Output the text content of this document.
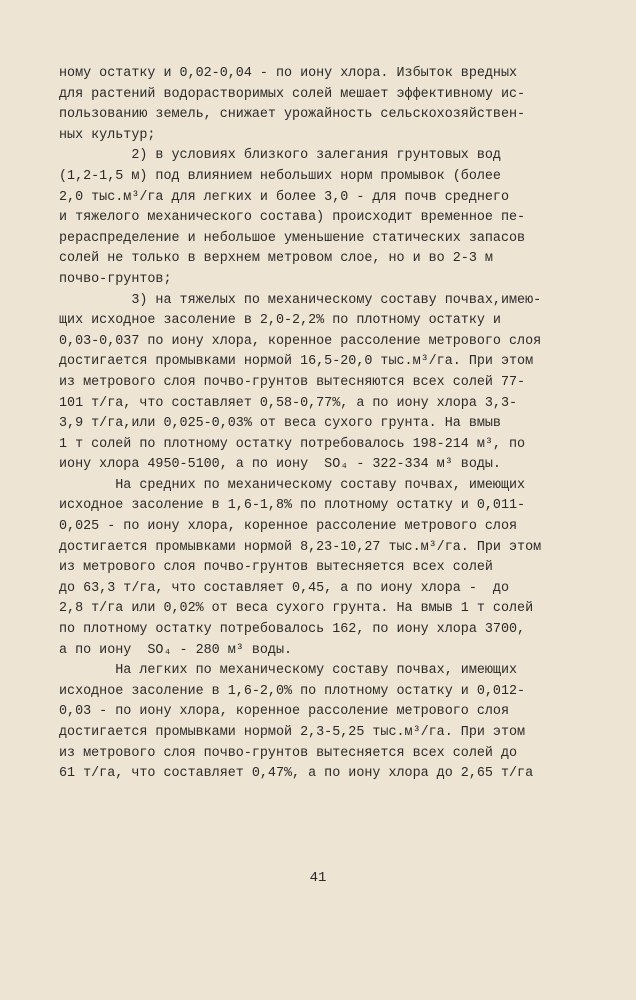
ному остатку и 0,02-0,04 - по иону хлора. Избыток вредных
для растений водорастворимых солей мешает эффективному ис-
пользованию земель, снижает урожайность сельскохозяйствен-
ных культур;
2) в условиях близкого залегания грунтовых вод
(1,2-1,5 м) под влиянием небольших норм промывок (более
2,0 тыс.м³/га для легких и более 3,0 - для почв среднего
и тяжелого механического состава) происходит временное пе-
рераспределение и небольшое уменьшение статических запасов
солей не только в верхнем метровом слое, но и во 2-3 м
почво-грунтов;
3) на тяжелых по механическому составу почвах,имею-
щих исходное засоление в 2,0-2,2% по плотному остатку и
0,03-0,037 по иону хлора, коренное рассоление метрового слоя
достигается промывками нормой 16,5-20,0 тыс.м³/га. При этом
из метрового слоя почво-грунтов вытесняются всех солей 77-
101 т/га, что составляет 0,58-0,77%, а по иону хлора 3,3-
3,9 т/га,или 0,025-0,03% от веса сухого грунта. На вмыв
1 т солей по плотному остатку потребовалось 198-214 м³, по
иону хлора 4950-5100, а по иону  SO₄ - 322-334 м³ воды.
На средних по механическому составу почвах, имеющих
исходное засоление в 1,6-1,8% по плотному остатку и 0,011-
0,025 - по иону хлора, коренное рассоление метрового слоя
достигается промывками нормой 8,23-10,27 тыс.м³/га. При этом
из метрового слоя почво-грунтов вытесняется всех солей
до 63,3 т/га, что составляет 0,45, а по иону хлора -  до
2,8 т/га или 0,02% от веса сухого грунта. На вмыв 1 т солей
по плотному остатку потребовалось 162, по иону хлора 3700,
а по иону  SO₄ - 280 м³ воды.
На легких по механическому составу почвах, имеющих
исходное засоление в 1,6-2,0% по плотному остатку и 0,012-
0,03 - по иону хлора, коренное рассоление метрового слоя
достигается промывками нормой 2,3-5,25 тыс.м³/га. При этом
из метрового слоя почво-грунтов вытесняется всех солей до
61 т/га, что составляет 0,47%, а по иону хлора до 2,65 т/га
41
